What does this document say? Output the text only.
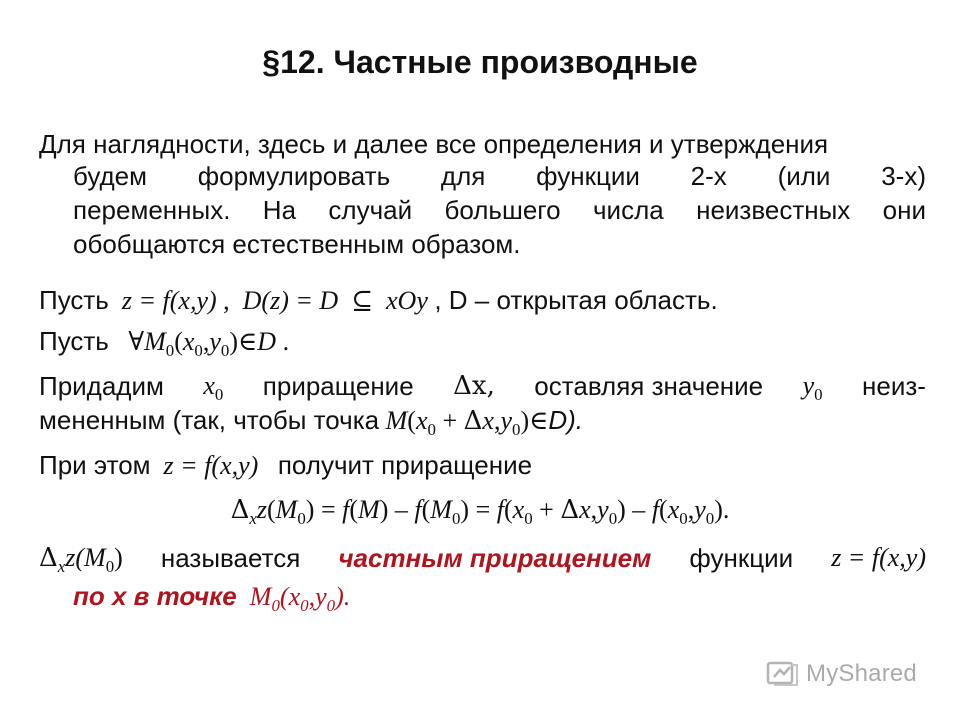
§12. Частные производные
Для наглядности, здесь и далее все определения и утверждения
будем формулировать для функции 2-х (или 3-х)
переменных. На случай большего числа неизвестных они
обобщаются естественным образом.
Пусть z = f(x,y) ,  D(z) = D ⊆ xOy , D – открытая область.
Пусть $\forall M_0(x_0,y_0)\in D$ .
Придадим $x_0$ приращение Δx, оставляя значение $y_0$ неиз-
мененным (так, чтобы точка $M(x_0$ + $\Delta x,y_0)\in D$).
При этом z = f(x,y) получит приращение
$\Delta_xz(M_0) = f(M) - f(M_0) = f(x_0 + \Delta x,y_0) - f(x_0,y_0)$.
$\Delta_xz(M_0)$ называется частным приращением функции z = f(x,y)
по x в точке $M_0(x_0,y_0)$.
MyShared
